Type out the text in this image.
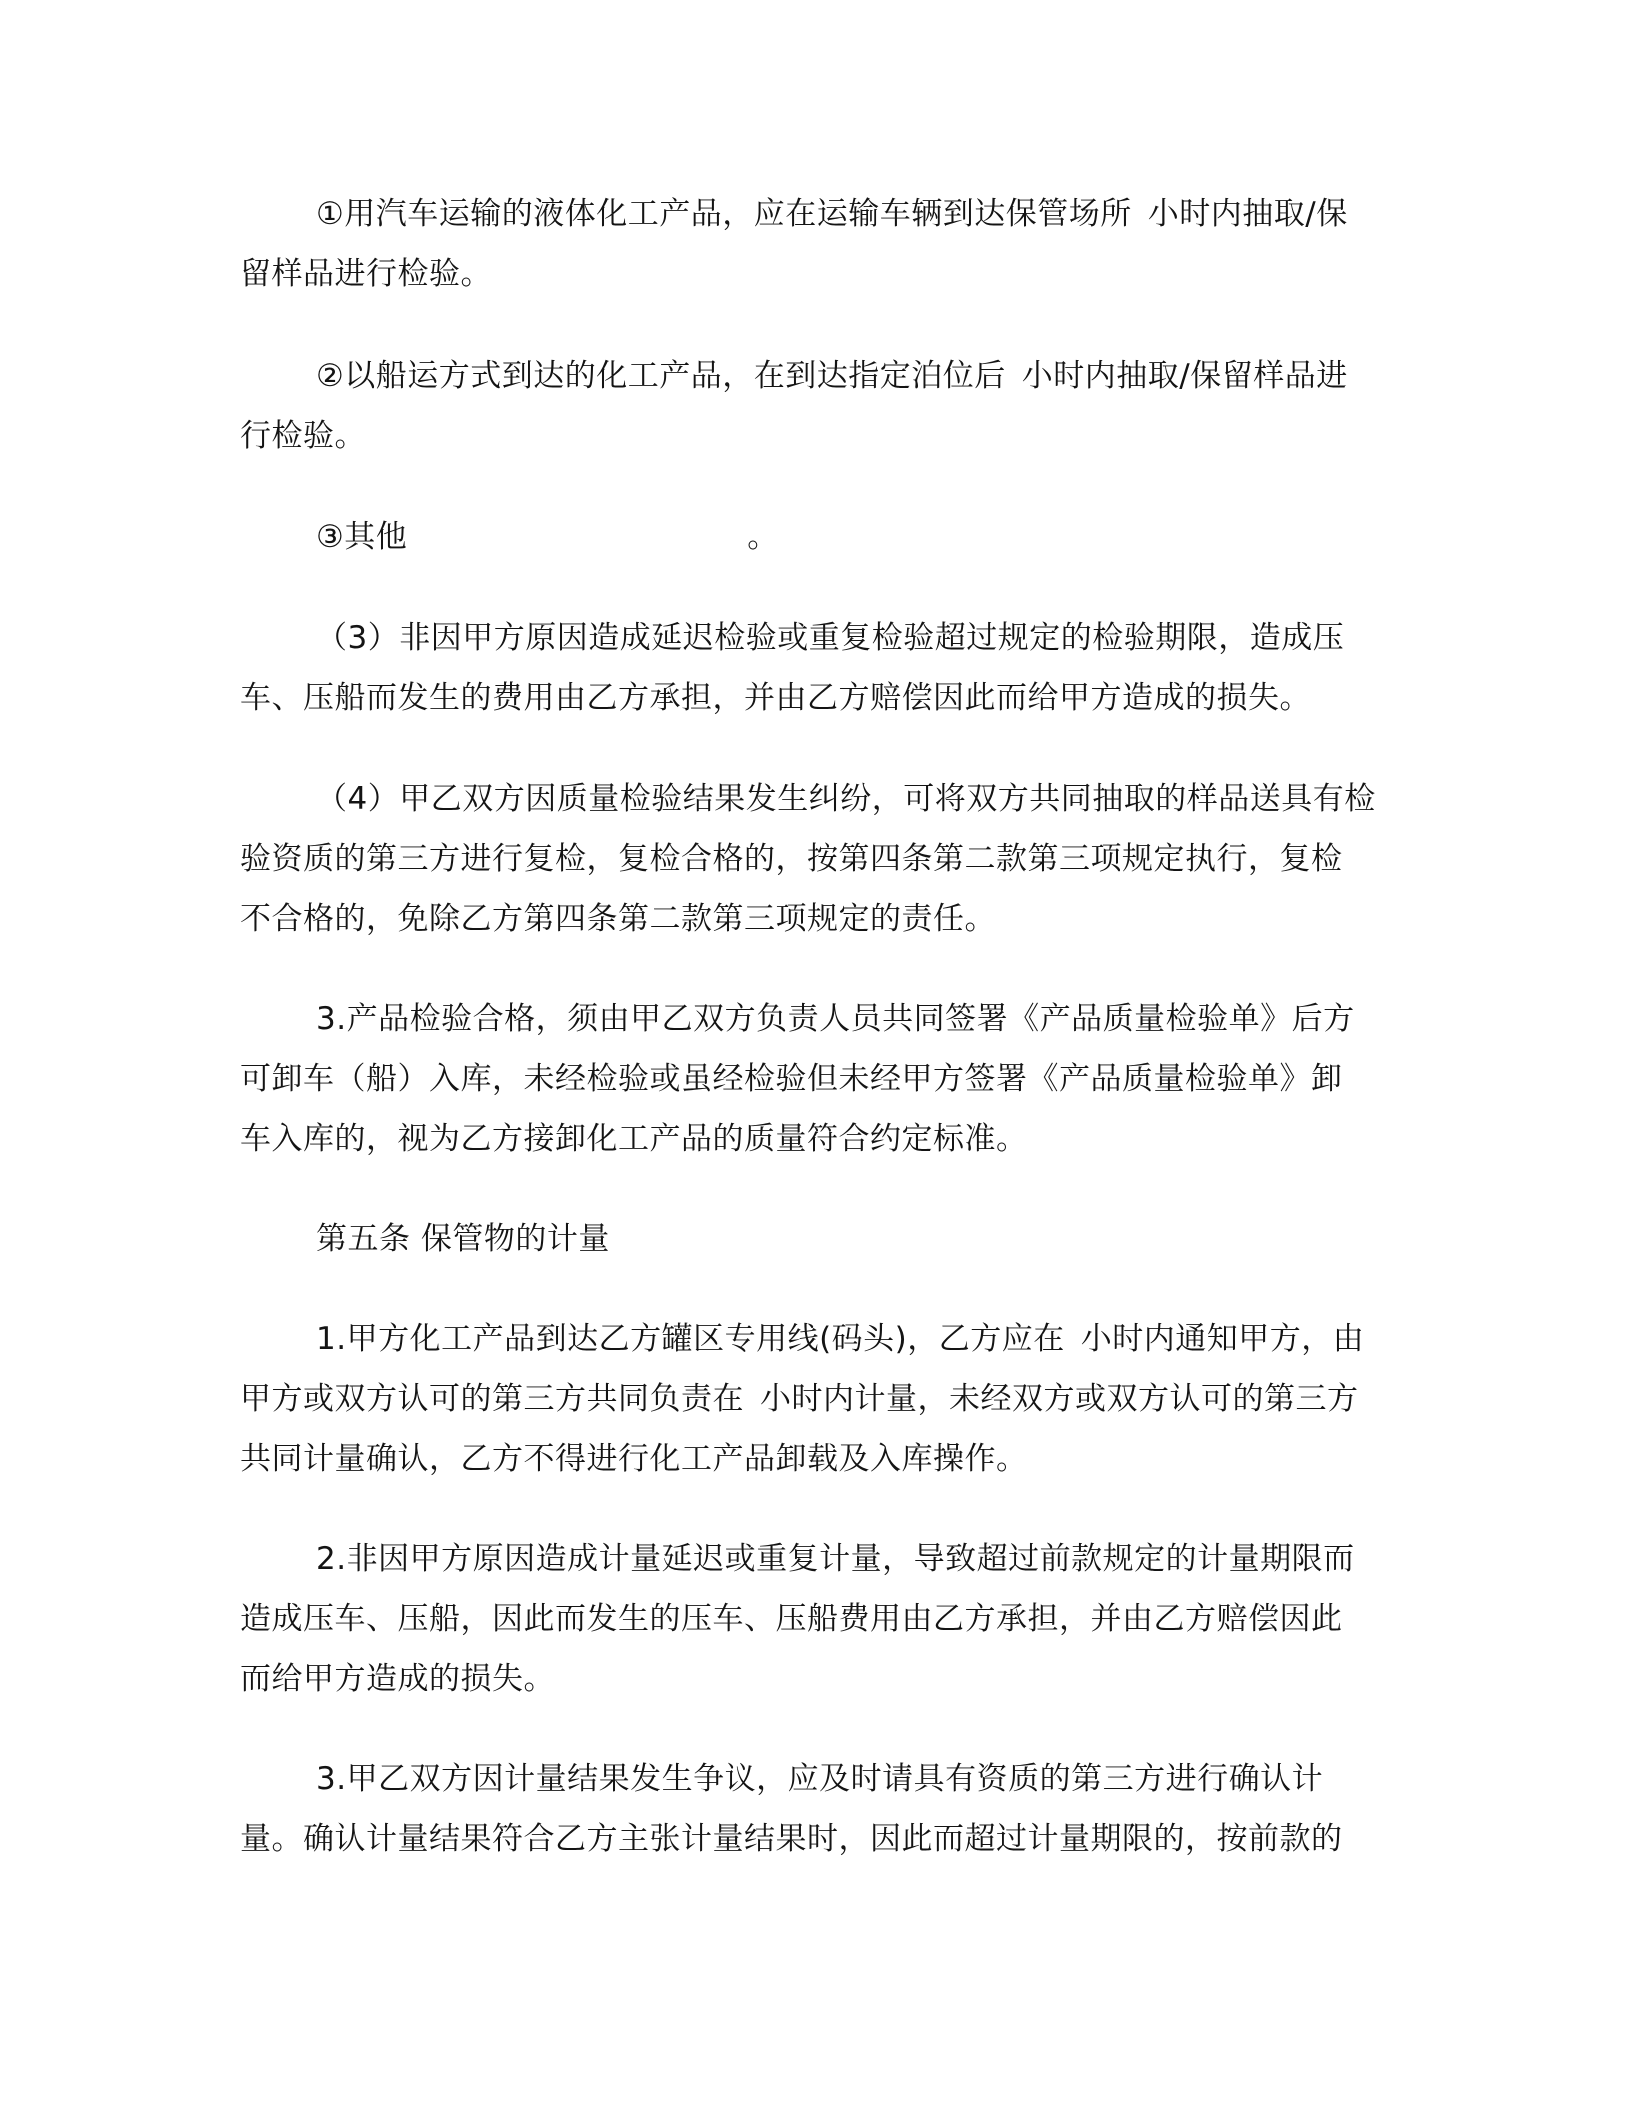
①用汽车运输的液体化工产品，应在运输车辆到达保管场所 小时内抽取/保
留样品进行检验。
②以船运方式到达的化工产品，在到达指定泊位后 小时内抽取/保留样品进
行检验。
③其他	。
（3）非因甲方原因造成延迟检验或重复检验超过规定的检验期限，造成压
车、压船而发生的费用由乙方承担，并由乙方赔偿因此而给甲方造成的损失。
（4）甲乙双方因质量检验结果发生纠纷，可将双方共同抽取的样品送具有检
验资质的第三方进行复检，复检合格的，按第四条第二款第三项规定执行，复检
不合格的，免除乙方第四条第二款第三项规定的责任。
3.产品检验合格，须由甲乙双方负责人员共同签署《产品质量检验单》后方
可卸车（船）入库，未经检验或虽经检验但未经甲方签署《产品质量检验单》卸
车入库的，视为乙方接卸化工产品的质量符合约定标准。
第五条 保管物的计量
1.甲方化工产品到达乙方罐区专用线(码头)，乙方应在 小时内通知甲方，由
甲方或双方认可的第三方共同负责在 小时内计量，未经双方或双方认可的第三方
共同计量确认，乙方不得进行化工产品卸载及入库操作。
2.非因甲方原因造成计量延迟或重复计量，导致超过前款规定的计量期限而
造成压车、压船，因此而发生的压车、压船费用由乙方承担，并由乙方赔偿因此
而给甲方造成的损失。
3.甲乙双方因计量结果发生争议，应及时请具有资质的第三方进行确认计
量。确认计量结果符合乙方主张计量结果时，因此而超过计量期限的，按前款的
